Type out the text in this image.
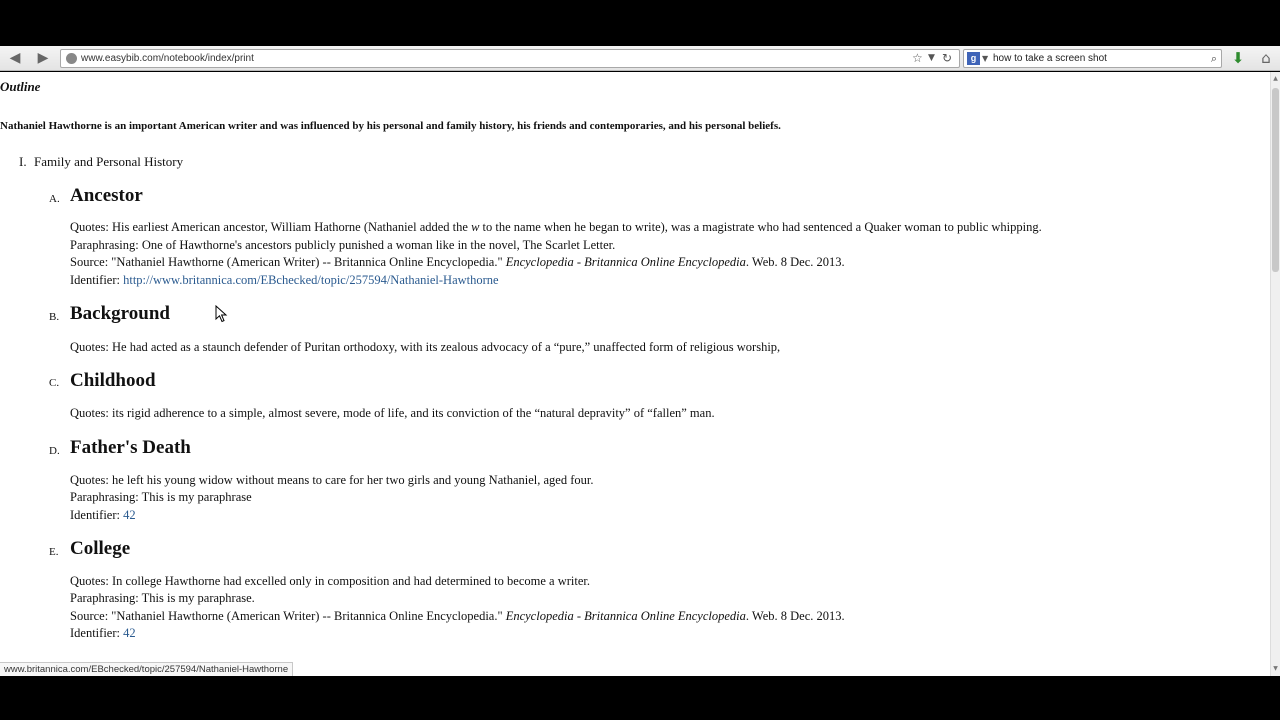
◀ ▶
www.easybib.com/notebook/index/print	☆ ▼ ↻	g ▼
how to take a screen shot	⌕ ⬇ ⌂
Outline
Nathaniel Hawthorne is an important American writer and was influenced by his personal and family history, his friends and contemporaries, and his personal beliefs.
I. Family and Personal History
A. Ancestor
Quotes: His earliest American ancestor, William Hathorne (Nathaniel added the w to the name when he began to write), was a magistrate who had sentenced a Quaker woman to public whipping.
Paraphrasing: One of Hawthorne's ancestors publicly punished a woman like in the novel, The Scarlet Letter.
Source: "Nathaniel Hawthorne (American Writer) -- Britannica Online Encyclopedia." Encyclopedia - Britannica Online Encyclopedia. Web. 8 Dec. 2013.
Identifier: http://www.britannica.com/EBchecked/topic/257594/Nathaniel-Hawthorne
B. Background
Quotes: He had acted as a staunch defender of Puritan orthodoxy, with its zealous advocacy of a “pure,” unaffected form of religious worship,
C. Childhood
Quotes: its rigid adherence to a simple, almost severe, mode of life, and its conviction of the “natural depravity” of “fallen” man.
D. Father's Death
Quotes: he left his young widow without means to care for her two girls and young Nathaniel, aged four.
Paraphrasing: This is my paraphrase
Identifier: 42
E. College
Quotes: In college Hawthorne had excelled only in composition and had determined to become a writer.
Paraphrasing: This is my paraphrase.
Source: "Nathaniel Hawthorne (American Writer) -- Britannica Online Encyclopedia." Encyclopedia - Britannica Online Encyclopedia. Web. 8 Dec. 2013.
Identifier: 42
▲
▼
www.britannica.com/EBchecked/topic/257594/Nathaniel-Hawthorne
